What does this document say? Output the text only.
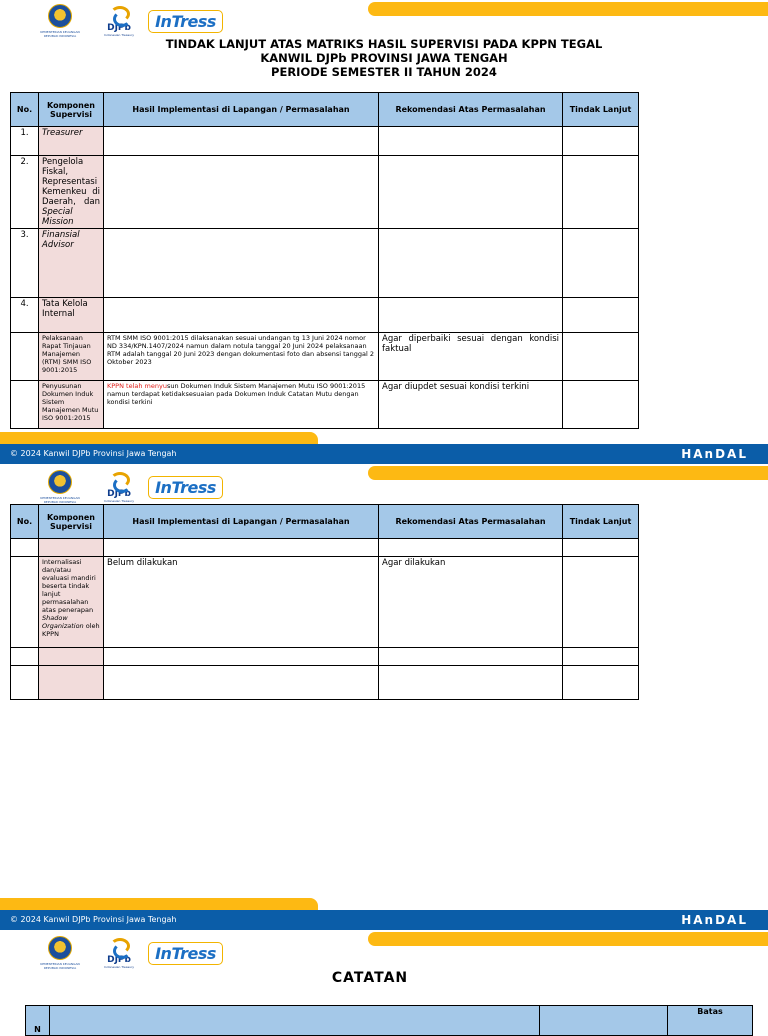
KEMENTERIAN KEUANGAN
REPUBLIK INDONESIA
DJPb
Indonesian Treasury
InTress
TINDAK LANJUT ATAS MATRIKS HASIL SUPERVISI PADA KPPN TEGAL
KANWIL DJPb PROVINSI JAWA TENGAH
PERIODE SEMESTER II TAHUN 2024
No.	Komponen Supervisi	Hasil Implementasi di Lapangan / Permasalahan	Rekomendasi Atas Permasalahan	Tindak Lanjut
1.	Treasurer			
2.	Pengelola Fiskal, Representasi Kemenkeu di Daerah, dan Special Mission			
3.	Finansial Advisor			
4.	Tata Kelola Internal			
	Pelaksanaan Rapat Tinjauan Manajemen (RTM) SMM ISO 9001:2015	RTM SMM ISO 9001:2015 dilaksanakan sesuai undangan tg 13 Juni 2024 nomor ND 334/KPN.1407/2024 namun dalam notula tanggal 20 Juni 2024 pelaksanaan RTM adalah tanggal 20 Juni 2023 dengan dokumentasi foto dan absensi tanggal 2 Oktober 2023	Agar diperbaiki sesuai dengan kondisi faktual	
	Penyusunan Dokumen Induk Sistem Manajemen Mutu ISO 9001:2015	KPPN telah menyusun Dokumen Induk Sistem Manajemen Mutu ISO 9001:2015 namun terdapat ketidaksesuaian pada Dokumen Induk Catatan Mutu dengan kondisi terkini	Agar diupdet sesuai kondisi terkini	
© 2024 Kanwil DJPb Provinsi Jawa Tengah	HAnDAL
KEMENTERIAN KEUANGAN
REPUBLIK INDONESIA
DJPb
Indonesian Treasury
InTress
No.	Komponen Supervisi	Hasil Implementasi di Lapangan / Permasalahan	Rekomendasi Atas Permasalahan	Tindak Lanjut

	Internalisasi dan/atau evaluasi mandiri beserta tindak lanjut permasalahan atas penerapan Shadow Organization oleh KPPN	Belum dilakukan	Agar dilakukan	

© 2024 Kanwil DJPb Provinsi Jawa Tengah	HAnDAL
KEMENTERIAN KEUANGAN
REPUBLIK INDONESIA
DJPb
Indonesian Treasury
InTress
CATATAN
N			Batas
